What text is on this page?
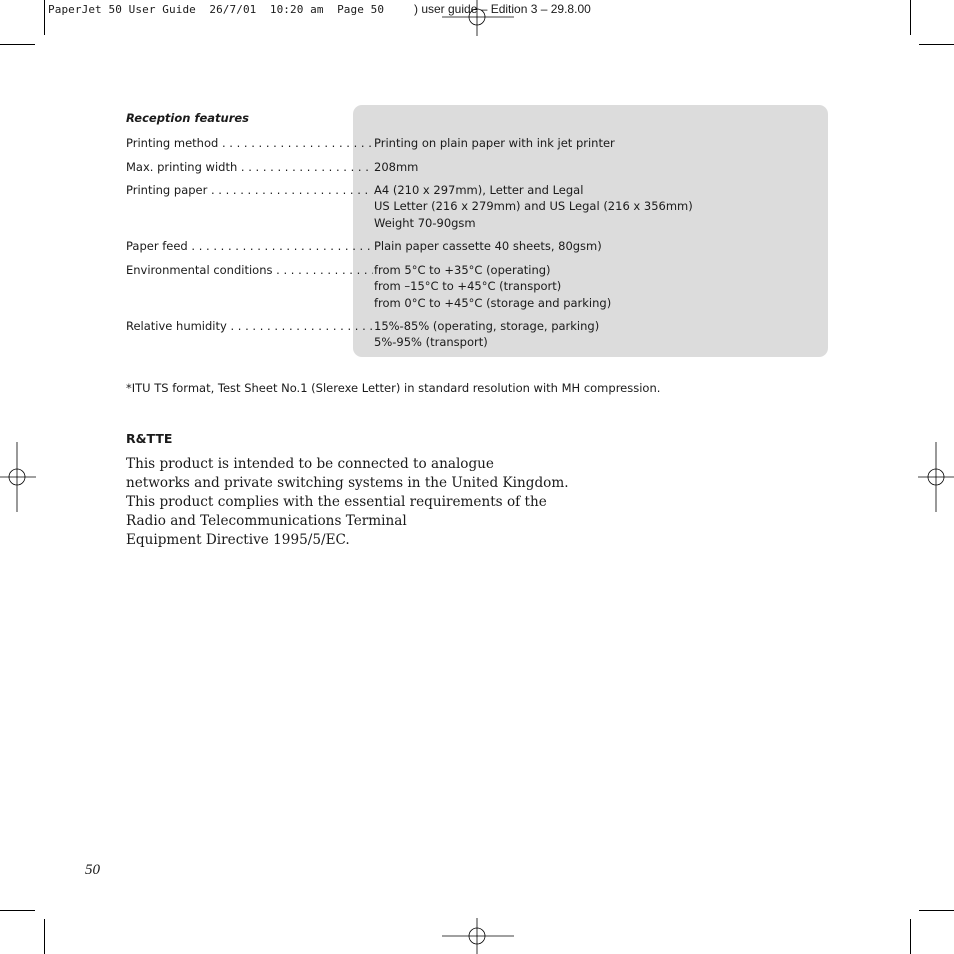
PaperJet 50 User Guide  26/7/01  10:20 am  Page 50 ) user guide – Edition 3 – 29.8.00
Reception features
Printing method . . .	Printing on plain paper with ink jet printer
Max. printing width . . .	208mm
Printing paper . . .	A4 (210 x 297mm), Letter and Legal
US Letter (216 x 279mm) and US Legal (216 x 356mm)
Weight 70-90gsm
Paper feed . . .	Plain paper cassette 40 sheets, 80gsm)
Environmental conditions . . .	from 5°C to +35°C (operating)
from –15°C to +45°C (transport)
from 0°C to +45°C (storage and parking)
Relative humidity . . .	15%-85% (operating, storage, parking)
5%-95% (transport)
*ITU TS format, Test Sheet No.1 (Slerexe Letter) in standard resolution with MH compression.
R&TTE
This product is intended to be connected to analogue
networks and private switching systems in the United Kingdom.
This product complies with the essential requirements of the
Radio and Telecommunications Terminal
Equipment Directive 1995/5/EC.
50
